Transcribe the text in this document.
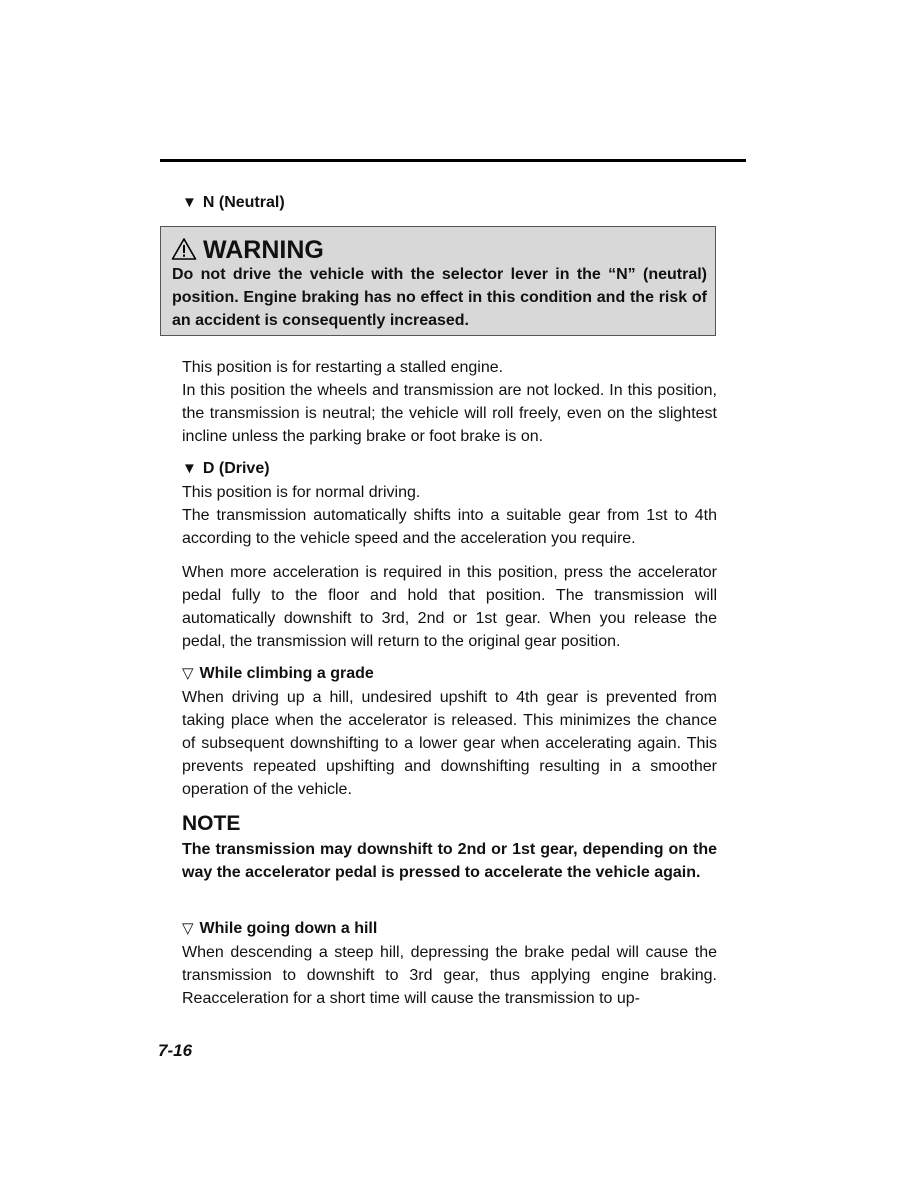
▼ N (Neutral)
WARNING
Do not drive the vehicle with the selector lever in the “N” (neutral) position. Engine braking has no effect in this condition and the risk of an accident is consequently increased.
This position is for restarting a stalled engine.
In this position the wheels and transmission are not locked. In this position, the transmission is neutral; the vehicle will roll freely, even on the slightest incline unless the parking brake or foot brake is on.
▼ D (Drive)
This position is for normal driving.
The transmission automatically shifts into a suitable gear from 1st to 4th according to the vehicle speed and the acceleration you require.
When more acceleration is required in this position, press the accelerator pedal fully to the floor and hold that position. The transmission will automatically downshift to 3rd, 2nd or 1st gear. When you release the pedal, the transmission will return to the original gear position.
▽ While climbing a grade
When driving up a hill, undesired upshift to 4th gear is prevented from taking place when the accelerator is released. This minimizes the chance of subsequent downshifting to a lower gear when accelerating again. This prevents repeated upshifting and downshifting resulting in a smoother operation of the vehicle.
NOTE
The transmission may downshift to 2nd or 1st gear, depending on the way the accelerator pedal is pressed to accelerate the vehicle again.
▽ While going down a hill
When descending a steep hill, depressing the brake pedal will cause the transmission to downshift to 3rd gear, thus applying engine braking. Reacceleration for a short time will cause the transmission to up-
7-16
